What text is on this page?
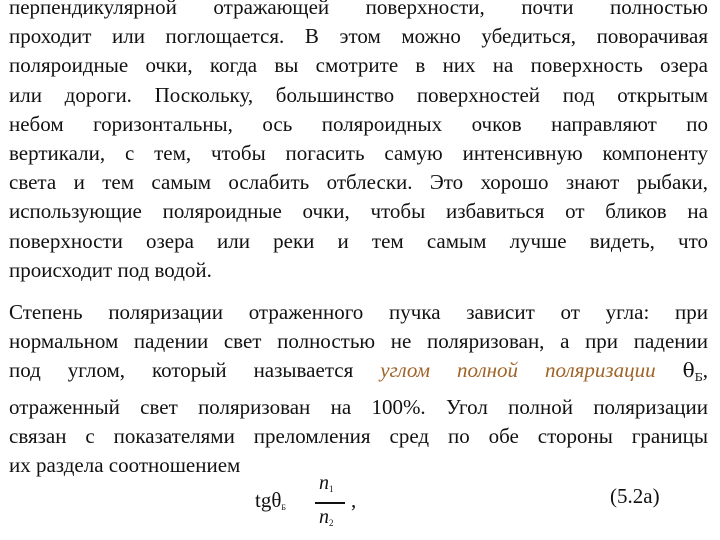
перпендикулярной отражающей поверхности, почти полностью
проходит или поглощается. В этом можно убедиться, поворачивая
поляроидные очки, когда вы смотрите в них на поверхность озера
или дороги. Поскольку, большинство поверхностей под открытым
небом горизонтальны, ось поляроидных очков направляют по
вертикали, с тем, чтобы погасить самую интенсивную компоненту
света и тем самым ослабить отблески. Это хорошо знают рыбаки,
использующие поляроидные очки, чтобы избавиться от бликов на
поверхности озера или реки и тем самым лучше видеть, что
происходит под водой.
Степень поляризации отраженного пучка зависит от угла: при
нормальном падении свет полностью не поляризован, а при падении
под углом, который называется углом полной поляризации $\theta_Б$,
отраженный свет поляризован на 100%. Угол полной поляризации
связан с показателями преломления сред по обе стороны границы
их раздела соотношением
tgθ$_Б$
$n_1$
$n_2$
,	(5.2а)
